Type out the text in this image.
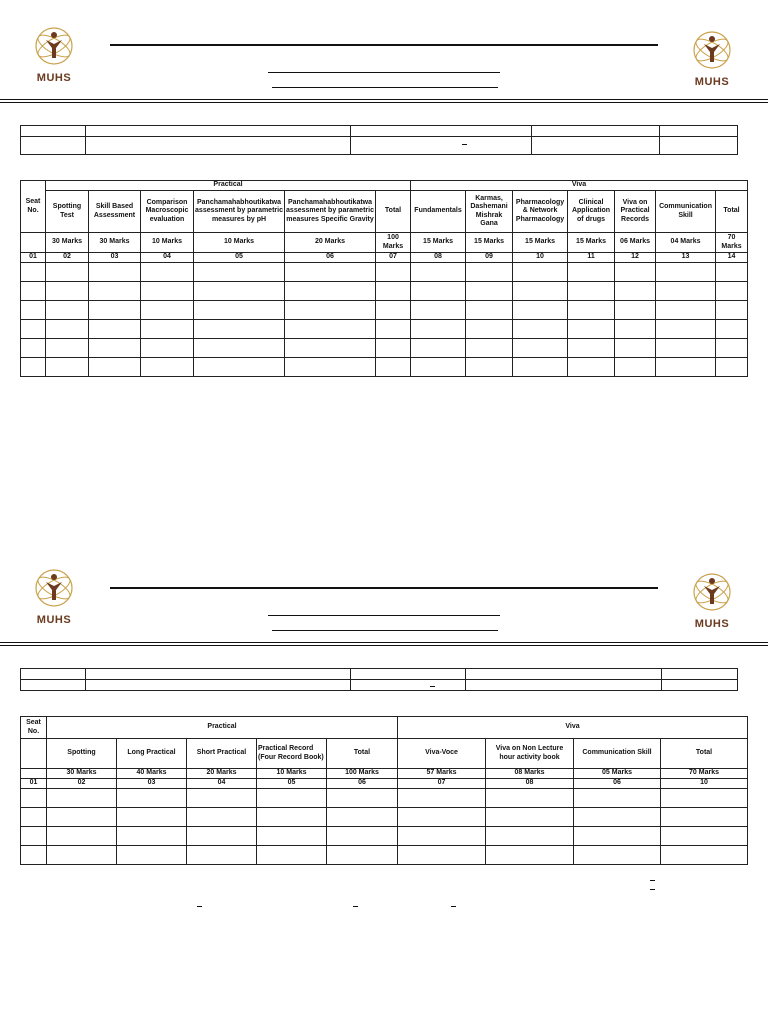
MUHS	MUHS

Seat No.	Practical						Viva						
	Spotting Test	Skill Based Assessment	Comparison Macroscopic evaluation	Panchamahabhoutikatwa assessment by parametric measures by pH	Panchamahabhoutikatwa assessment by parametric measures Specific Gravity	Total	Fundamentals	Karmas, Dashemani Mishrak Gana	Pharmacology & Network Pharmacology	Clinical Application of drugs	Viva on Practical Records	Communication Skill	Total
	30 Marks	30 Marks	10 Marks	10 Marks	20 Marks	100 Marks	15 Marks	15 Marks	15 Marks	15 Marks	06 Marks	04 Marks	70 Marks
01	02	03	04	05	06	07	08	09	10	11	12	13	14

MUHS	MUHS

Seat No.	Practical					Viva			
	Spotting	Long Practical	Short Practical	Practical Record (Four Record Book)	Total	Viva-Voce	Viva on Non Lecture hour activity book	Communication Skill	Total
	30 Marks	40 Marks	20 Marks	10 Marks	100 Marks	57 Marks	08 Marks	05 Marks	70 Marks
01	02	03	04	05	06	07	08	06	10
